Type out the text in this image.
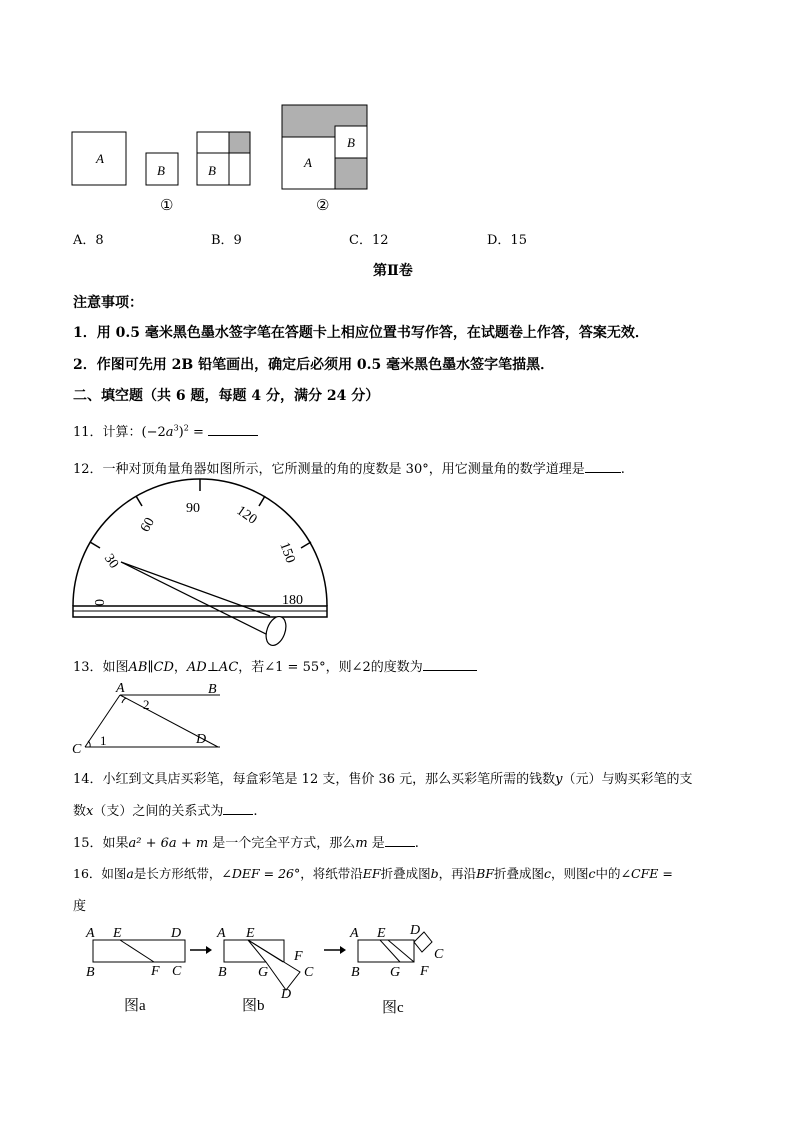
A
B
①
B
A
B
②
A．8	B．9	C．12	D．15
第Ⅱ卷
注意事项：
1．用 0.5 毫米黑色墨水签字笔在答题卡上相应位置书写作答，在试题卷上作答，答案无效．
2．作图可先用 2B 铅笔画出，确定后必须用 0.5 毫米黑色墨水签字笔描黑．
二、填空题（共 6 题，每题 4 分，满分 24 分）
11．计算：$(-2a^3)^2$ =
12．一种对顶角量角器如图所示，它所测量的角的度数是 30°，用它测量角的数学道理是	.
0
30
60
90 120
150
180
13．如图AB∥CD，AD⊥AC，若∠1 = 55°，则∠2的度数为
A	B
C
D
1
2
14．小红到文具店买彩笔，每盒彩笔是 12 支，售价 36 元，那么买彩笔所需的钱数y（元）与购买彩笔的支
数x（支）之间的关系式为 .
15．如果a² + 6a + m 是一个完全平方式，那么m 是 .
16．如图a是长方形纸带，∠DEF = 26°，将纸带沿EF折叠成图b，再沿BF折叠成图c，则图c中的∠CFE =
度
A E	D
B	F C
图a
A E
F
B G	C
D
图b
A E D
C
B G F
图c
